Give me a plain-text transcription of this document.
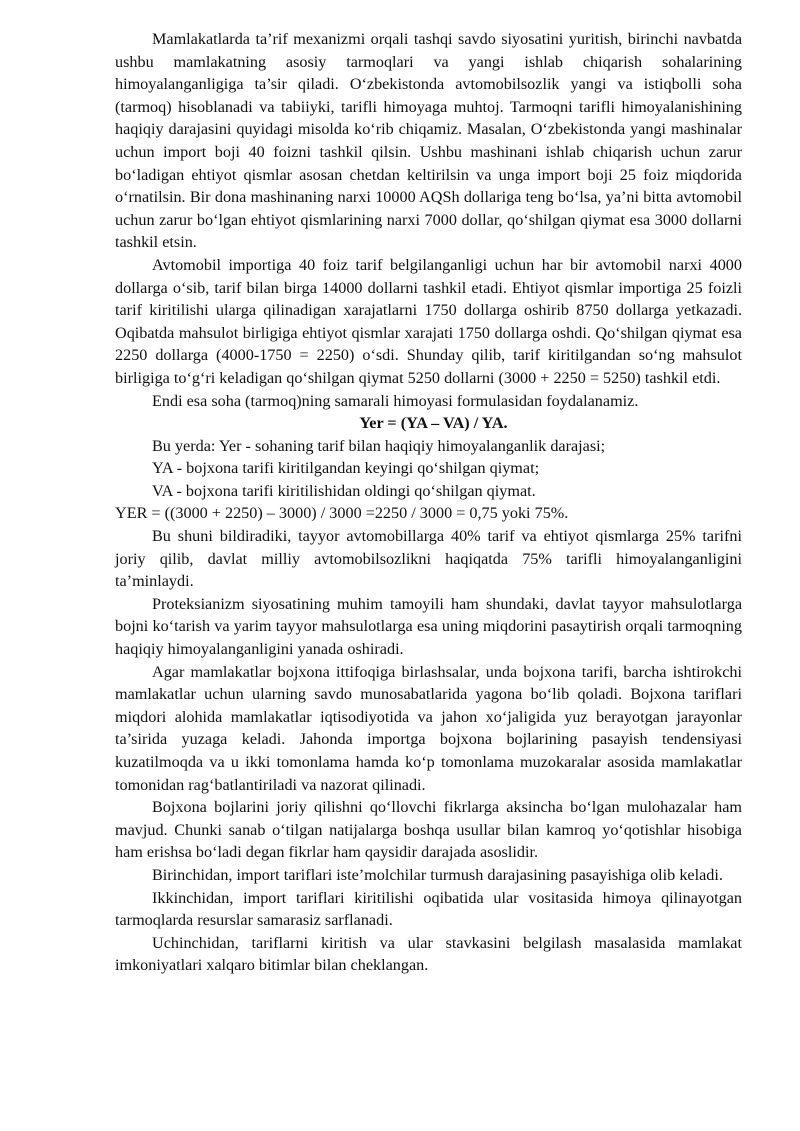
Mamlakatlarda ta’rif mexanizmi orqali tashqi savdo siyosatini yuritish, birinchi navbatda ushbu mamlakatning asosiy tarmoqlari va yangi ishlab chiqarish sohalarining himoyalanganligiga ta’sir qiladi. O‘zbekistonda avtomobilsozlik yangi va istiqbolli soha (tarmoq) hisoblanadi va tabiiyki, tarifli himoyaga muhtoj. Tarmoqni tarifli himoyalanishining haqiqiy darajasini quyidagi misolda ko‘rib chiqamiz. Masalan, O‘zbekistonda yangi mashinalar uchun import boji 40 foizni tashkil qilsin. Ushbu mashinani ishlab chiqarish uchun zarur bo‘ladigan ehtiyot qismlar asosan chetdan keltirilsin va unga import boji 25 foiz miqdorida o‘rnatilsin. Bir dona mashinaning narxi 10000 AQSh dollariga teng bo‘lsa, ya’ni bitta avtomobil uchun zarur bo‘lgan ehtiyot qismlarining narxi 7000 dollar, qo‘shilgan qiymat esa 3000 dollarni tashkil etsin.

Avtomobil importiga 40 foiz tarif belgilanganligi uchun har bir avtomobil narxi 4000 dollarga o‘sib, tarif bilan birga 14000 dollarni tashkil etadi. Ehtiyot qismlar importiga 25 foizli tarif kiritilishi ularga qilinadigan xarajatlarni 1750 dollarga oshirib 8750 dollarga yetkazadi. Oqibatda mahsulot birligiga ehtiyot qismlar xarajati 1750 dollarga oshdi. Qo‘shilgan qiymat esa 2250 dollarga (4000-1750 = 2250) o‘sdi. Shunday qilib, tarif kiritilgandan so‘ng mahsulot birligiga to‘g‘ri keladigan qo‘shilgan qiymat 5250 dollarni (3000 + 2250 = 5250) tashkil etdi.

Endi esa soha (tarmoq)ning samarali himoyasi formulasidan foydalanamiz.

Yer = (YA – VA) / YA.

Bu yerda: Yer - sohaning tarif bilan haqiqiy himoyalanganlik darajasi;

YA - bojxona tarifi kiritilgandan keyingi qo‘shilgan qiymat;

VA - bojxona tarifi kiritilishidan oldingi qo‘shilgan qiymat.

YER = ((3000 + 2250) – 3000) / 3000 =2250 / 3000 = 0,75 yoki 75%.

Bu shuni bildiradiki, tayyor avtomobillarga 40% tarif va ehtiyot qismlarga 25% tarifni joriy qilib, davlat milliy avtomobilsozlikni haqiqatda 75% tarifli himoyalanganligini ta’minlaydi.

Proteksianizm siyosatining muhim tamoyili ham shundaki, davlat tayyor mahsulotlarga bojni ko‘tarish va yarim tayyor mahsulotlarga esa uning miqdorini pasaytirish orqali tarmoqning haqiqiy himoyalanganligini yanada oshiradi.

Agar mamlakatlar bojxona ittifoqiga birlashsalar, unda bojxona tarifi, barcha ishtirokchi mamlakatlar uchun ularning savdo munosabatlarida yagona bo‘lib qoladi. Bojxona tariflari miqdori alohida mamlakatlar iqtisodiyotida va jahon xo‘jaligida yuz berayotgan jarayonlar ta’sirida yuzaga keladi. Jahonda importga bojxona bojlarining pasayish tendensiyasi kuzatilmoqda va u ikki tomonlama hamda ko‘p tomonlama muzokaralar asosida mamlakatlar tomonidan rag‘batlantiriladi va nazorat qilinadi.

Bojxona bojlarini joriy qilishni qo‘llovchi fikrlarga aksincha bo‘lgan mulohazalar ham mavjud. Chunki sanab o‘tilgan natijalarga boshqa usullar bilan kamroq yo‘qotishlar hisobiga ham erishsa bo‘ladi degan fikrlar ham qaysidir darajada asoslidir.

Birinchidan, import tariflari iste’molchilar turmush darajasining pasayishiga olib keladi.

Ikkinchidan, import tariflari kiritilishi oqibatida ular vositasida himoya qilinayotgan tarmoqlarda resurslar samarasiz sarflanadi.

Uchinchidan, tariflarni kiritish va ular stavkasini belgilash masalasida mamlakat imkoniyatlari xalqaro bitimlar bilan cheklangan.
